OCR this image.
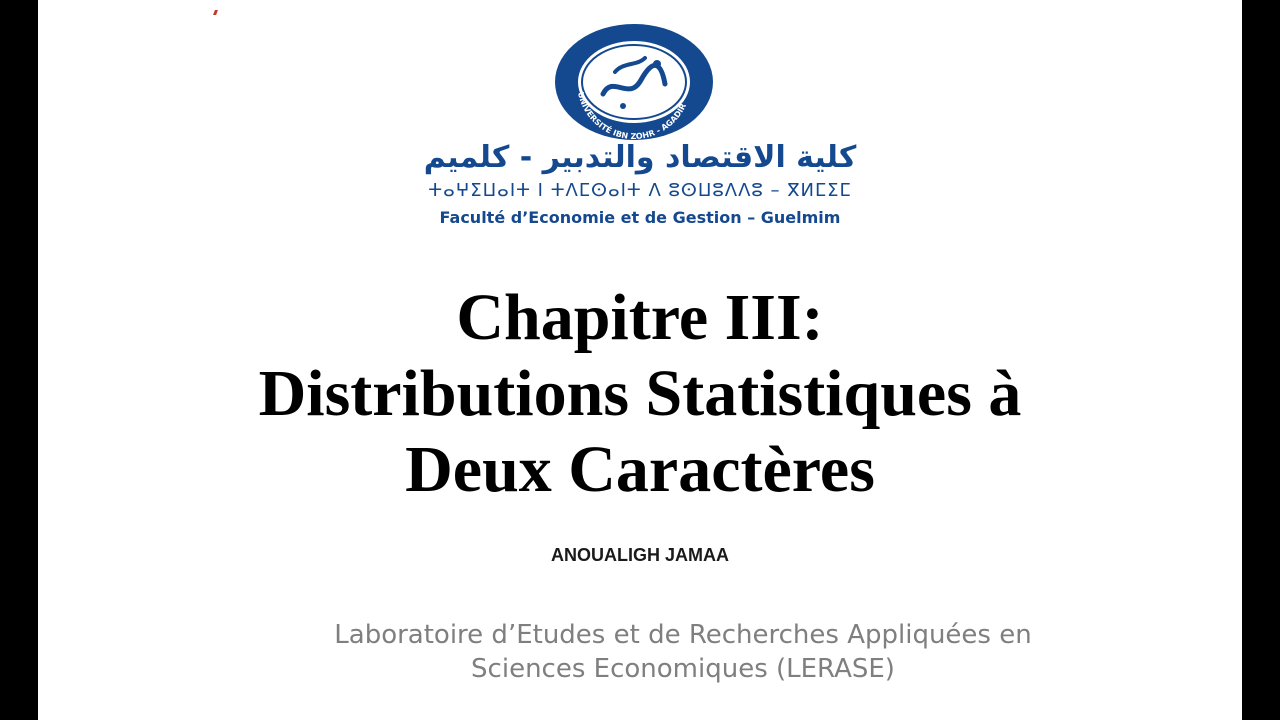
UNIVERSITÉ IBN ZOHR - AGADIR
كلية الاقتصاد والتدبير - كلميم
ⵜⴰⵖⵉⵡⴰⵏⵜ ⵏ ⵜⴷⵎⵙⴰⵏⵜ ⴷ ⵓⵙⵡⵓⴷⴷⵓ – ⴳⵍⵎⵉⵎ
Faculté d’Economie et de Gestion – Guelmim
Chapitre III:
Distributions Statistiques à
Deux Caractères
ANOUALIGH JAMAA
Laboratoire d’Etudes et de Recherches Appliquées en
Sciences Economiques (LERASE)
